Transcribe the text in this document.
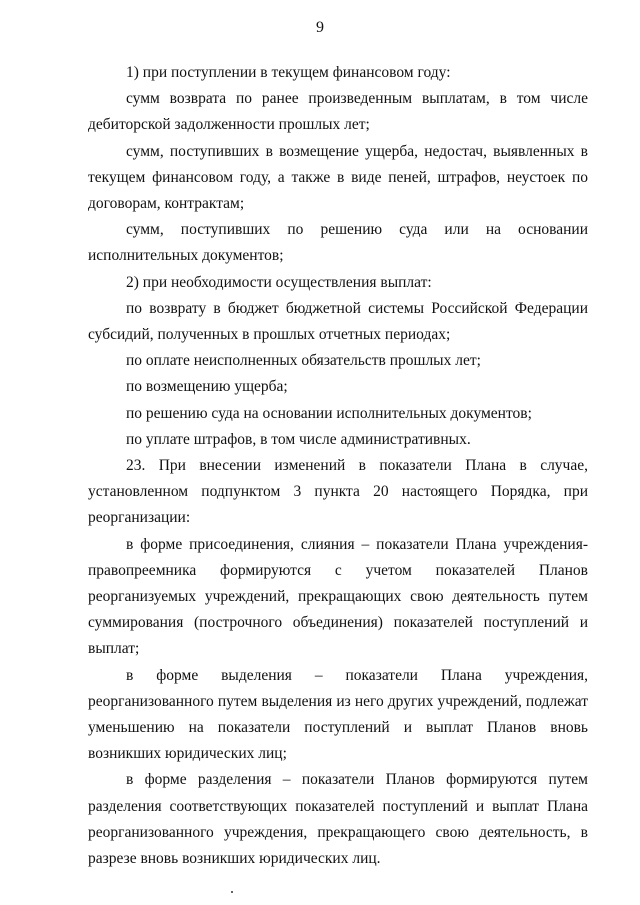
9

1) при поступлении в текущем финансовом году:

сумм возврата по ранее произведенным выплатам, в том числе дебиторской задолженности прошлых лет;

сумм, поступивших в возмещение ущерба, недостач, выявленных в текущем финансовом году, а также в виде пеней, штрафов, неустоек по договорам, контрактам;

сумм, поступивших по решению суда или на основании исполнительных документов;

2) при необходимости осуществления выплат:

по возврату в бюджет бюджетной системы Российской Федерации субсидий, полученных в прошлых отчетных периодах;

по оплате неисполненных обязательств прошлых лет;

по возмещению ущерба;

по решению суда на основании исполнительных документов;

по уплате штрафов, в том числе административных.

23. При внесении изменений в показатели Плана в случае, установленном подпунктом 3 пункта 20 настоящего Порядка, при реорганизации:

в форме присоединения, слияния – показатели Плана учреждения-правопреемника формируются с учетом показателей Планов реорганизуемых учреждений, прекращающих свою деятельность путем суммирования (построчного объединения) показателей поступлений и выплат;

в форме выделения – показатели Плана учреждения, реорганизованного путем выделения из него других учреждений, подлежат уменьшению на показатели поступлений и выплат Планов вновь возникших юридических лиц;

в форме разделения – показатели Планов формируются путем разделения соответствующих показателей поступлений и выплат Плана реорганизованного учреждения, прекращающего свою деятельность, в разрезе вновь возникших юридических лиц.
